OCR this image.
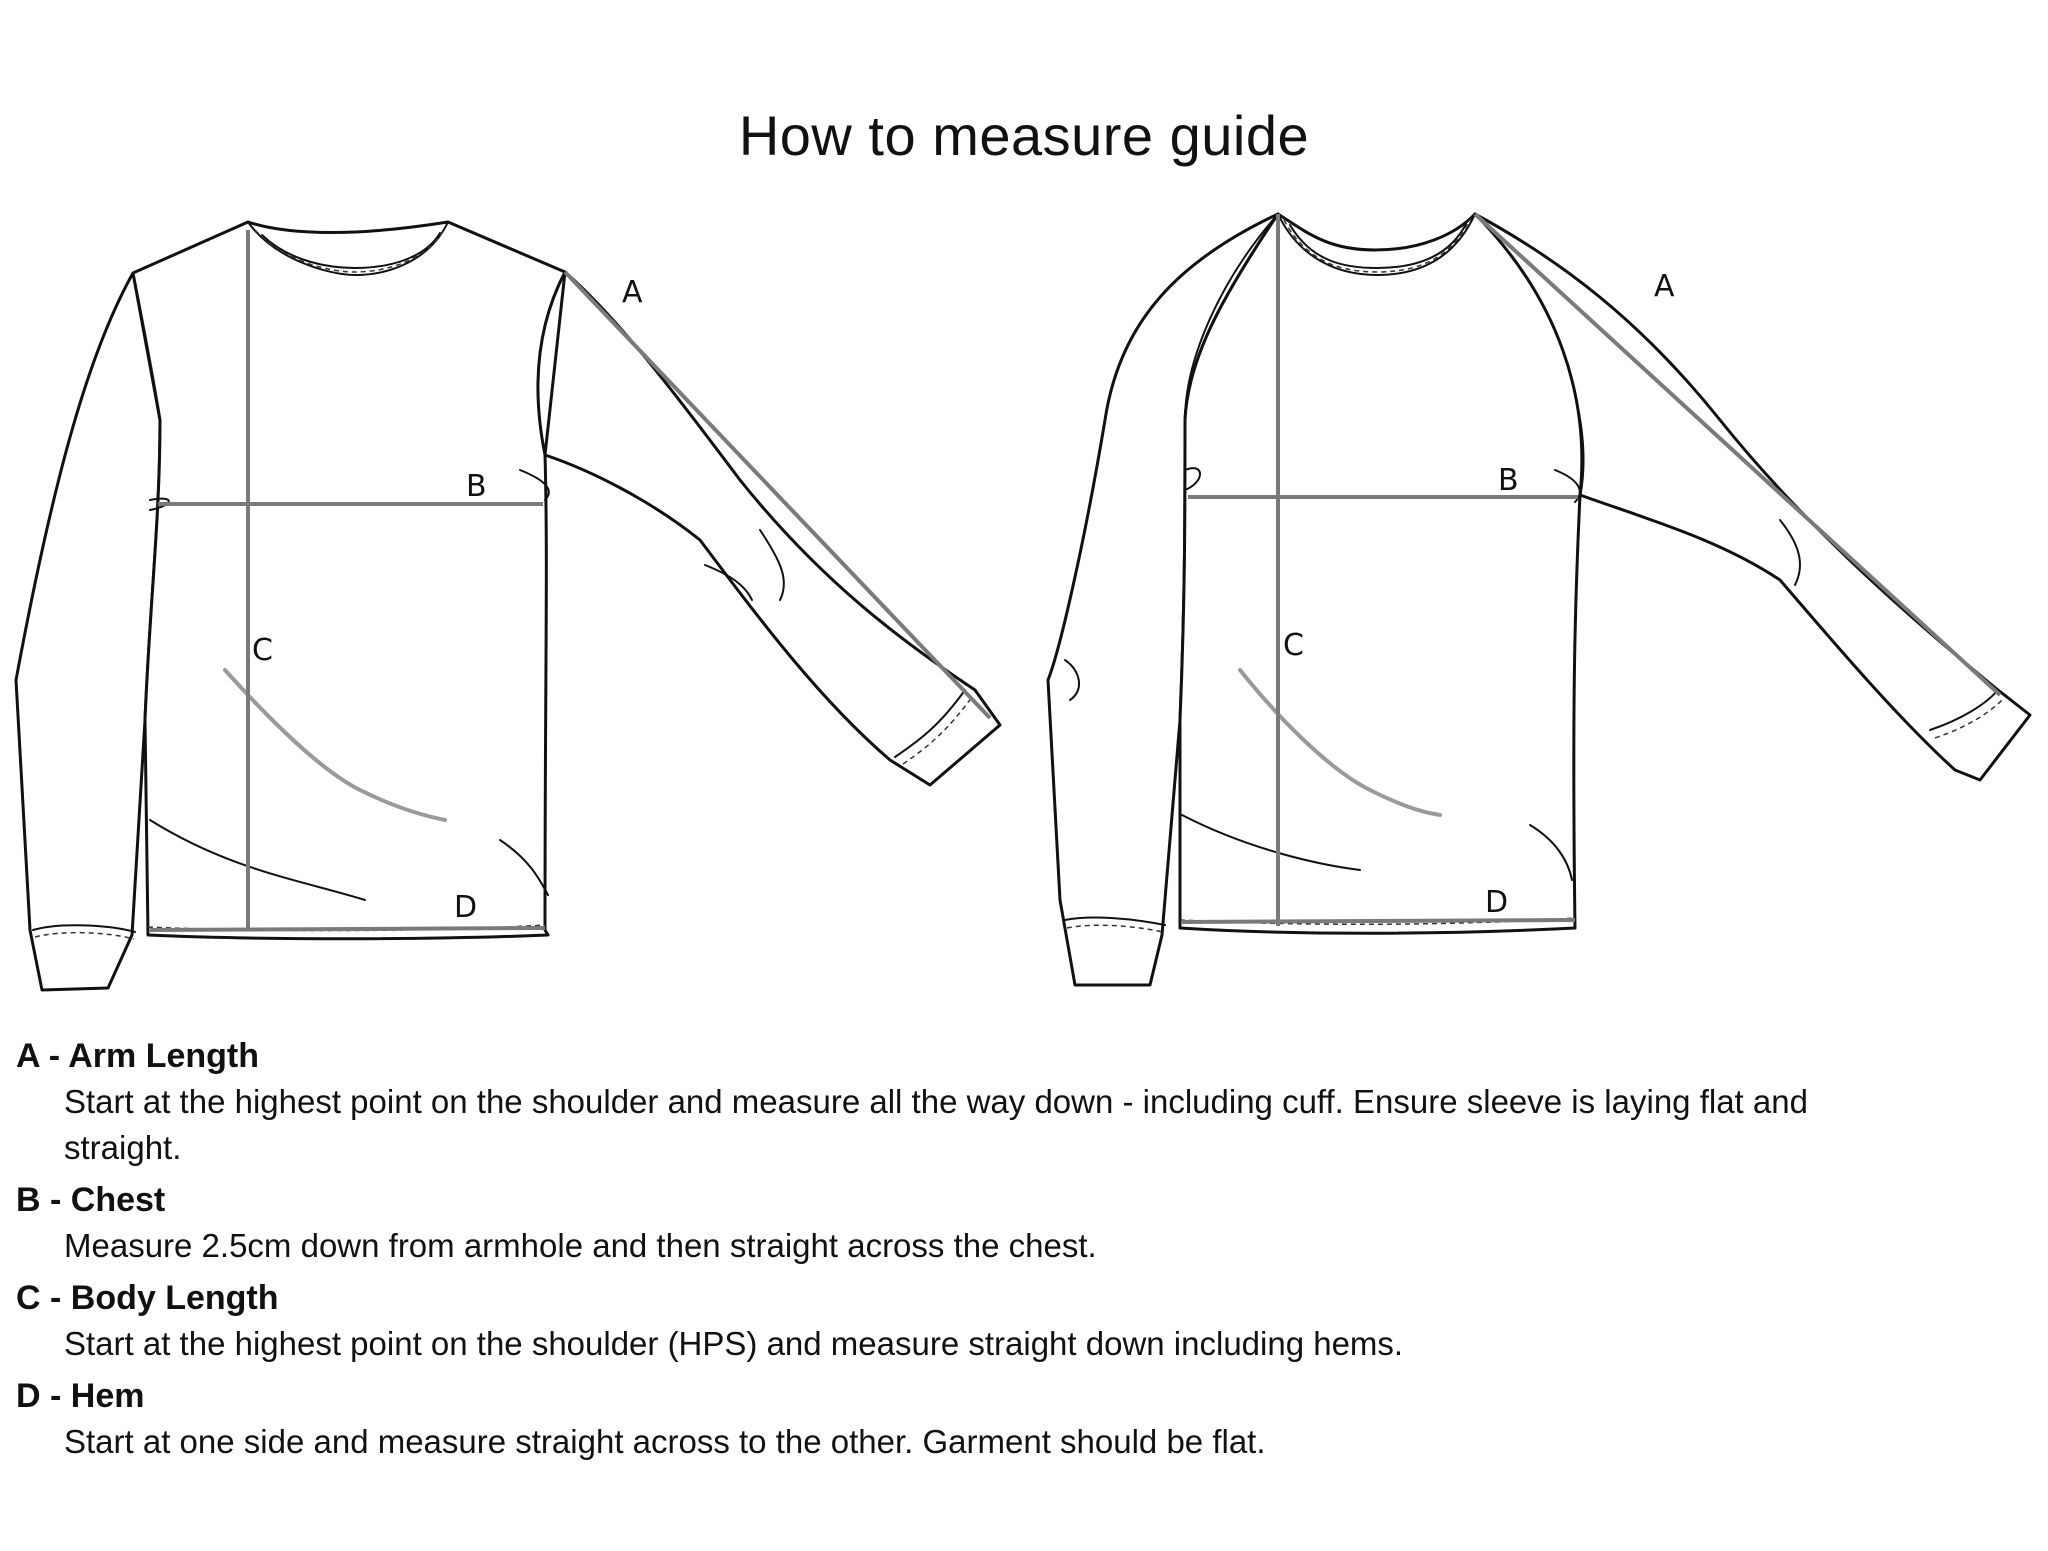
How to measure guide
A
B
C
D
A
B
C
D
A - Arm Length
Start at the highest point on the shoulder and measure all the way down - including cuff. Ensure sleeve is laying flat and straight.
B - Chest
Measure 2.5cm down from armhole and then straight across the chest.
C - Body Length
Start at the highest point on the shoulder (HPS) and measure straight down including hems.
D - Hem
Start at one side and measure straight across to the other. Garment should be flat.
